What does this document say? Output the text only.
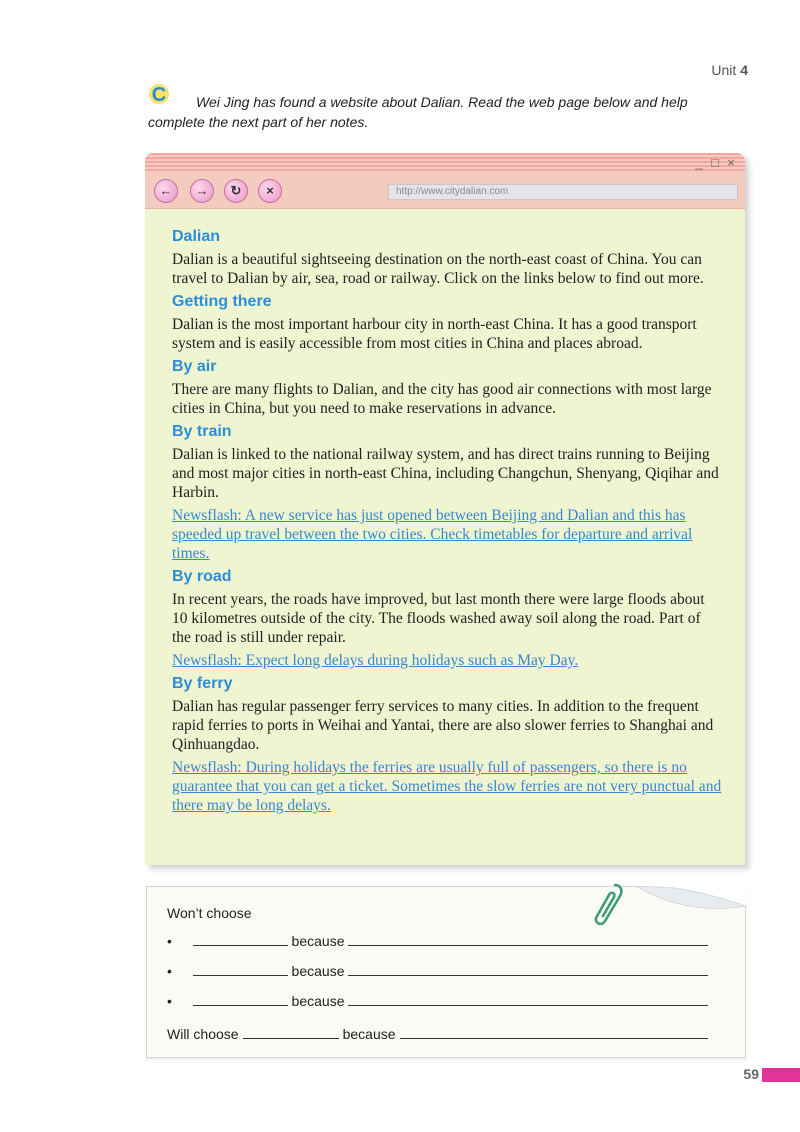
Unit 4
C	Wei Jing has found a website about Dalian. Read the web page below and help complete the next part of her notes.
_ □ ×
←	→	↻	×	http://www.citydalian.com
Dalian

Dalian is a beautiful sightseeing destination on the north-east coast of China. You can travel to Dalian by air, sea, road or railway. Click on the links below to find out more.

Getting there

Dalian is the most important harbour city in north-east China. It has a good transport system and is easily accessible from most cities in China and places abroad.

By air

There are many flights to Dalian, and the city has good air connections with most large cities in China, but you need to make reservations in advance.

By train

Dalian is linked to the national railway system, and has direct trains running to Beijing and most major cities in north-east China, including Changchun, Shenyang, Qiqihar and Harbin.

Newsflash: A new service has just opened between Beijing and Dalian and this has speeded up travel between the two cities. Check timetables for departure and arrival times.
By road

In recent years, the roads have improved, but last month there were large floods about 10 kilometres outside of the city. The floods washed away soil along the road. Part of the road is still under repair.

Newsflash: Expect long delays during holidays such as May Day.
By ferry

Dalian has regular passenger ferry services to many cities. In addition to the frequent rapid ferries to ports in Weihai and Yantai, there are also slower ferries to Shanghai and Qinhuangdao.

Newsflash: During holidays the ferries are usually full of passengers, so there is no guarantee that you can get a ticket. Sometimes the slow ferries are not very punctual and there may be long delays.
Won’t choose
•	because
•	because
•	because
Will choose	because
59
